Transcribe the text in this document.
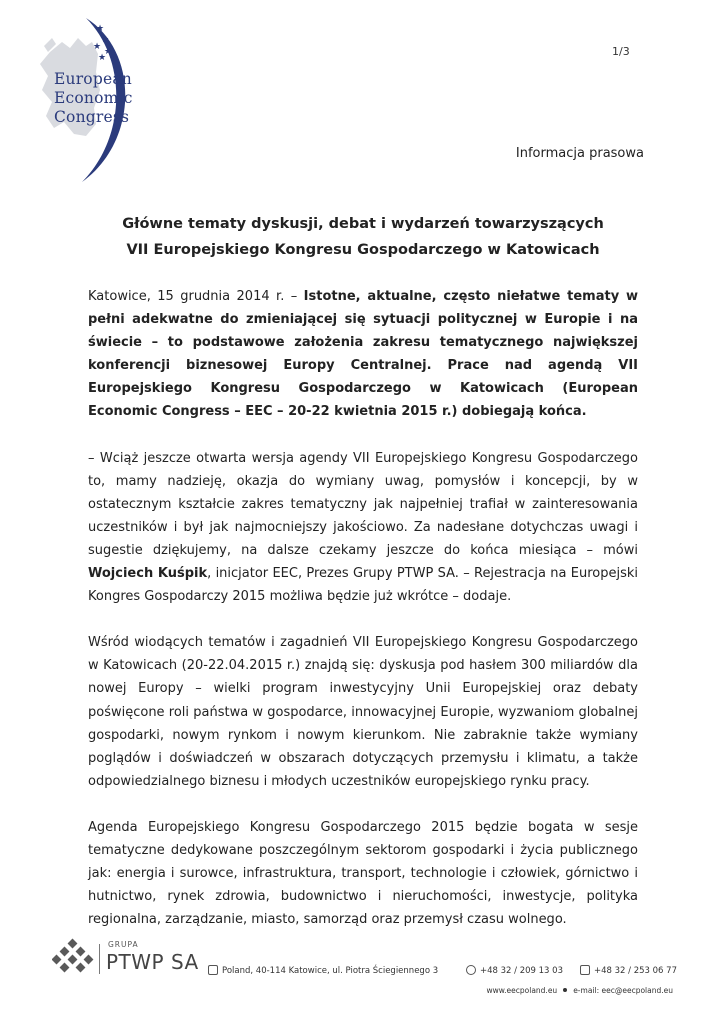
★
★
★ ★
★
European
Economic
Congress
1/3
Informacja prasowa
Główne tematy dyskusji, debat i wydarzeń towarzyszących
VII Europejskiego Kongresu Gospodarczego w Katowicach

Katowice, 15 grudnia 2014 r. – Istotne, aktualne, często niełatwe tematy w pełni adekwatne do zmieniającej się sytuacji politycznej w Europie i na świecie – to podstawowe założenia zakresu tematycznego największej konferencji biznesowej Europy Centralnej. Prace nad agendą VII Europejskiego Kongresu Gospodarczego w Katowicach (European Economic Congress – EEC – 20-22 kwietnia 2015 r.) dobiegają końca.

– Wciąż jeszcze otwarta wersja agendy VII Europejskiego Kongresu Gospodarczego to, mamy nadzieję, okazja do wymiany uwag, pomysłów i koncepcji, by w ostatecznym kształcie zakres tematyczny jak najpełniej trafiał w zainteresowania uczestników i był jak najmocniejszy jakościowo. Za nadesłane dotychczas uwagi i sugestie dziękujemy, na dalsze czekamy jeszcze do końca miesiąca – mówi Wojciech Kuśpik, inicjator EEC, Prezes Grupy PTWP SA. – Rejestracja na Europejski Kongres Gospodarczy 2015 możliwa będzie już wkrótce – dodaje.

Wśród wiodących tematów i zagadnień VII Europejskiego Kongresu Gospodarczego w Katowicach (20-22.04.2015 r.) znajdą się: dyskusja pod hasłem 300 miliardów dla nowej Europy – wielki program inwestycyjny Unii Europejskiej oraz debaty poświęcone roli państwa w gospodarce, innowacyjnej Europie, wyzwaniom globalnej gospodarki, nowym rynkom i nowym kierunkom. Nie zabraknie także wymiany poglądów i doświadczeń w obszarach dotyczących przemysłu i klimatu, a także odpowiedzialnego biznesu i młodych uczestników europejskiego rynku pracy.

Agenda Europejskiego Kongresu Gospodarczego 2015 będzie bogata w sesje tematyczne dedykowane poszczególnym sektorom gospodarki i życia publicznego jak: energia i surowce, infrastruktura, transport, technologie i człowiek, górnictwo i hutnictwo, rynek zdrowia, budownictwo i nieruchomości, inwestycje, polityka regionalna, zarządzanie, miasto, samorząd oraz przemysł czasu wolnego.

GRUPA
PTWP SA	Poland, 40-114 Katowice, ul. Piotra Ściegiennego 3	+48 32 / 209 13 03	+48 32 / 253 06 77
www.eecpoland.eu e-mail: eec@eecpoland.eu
